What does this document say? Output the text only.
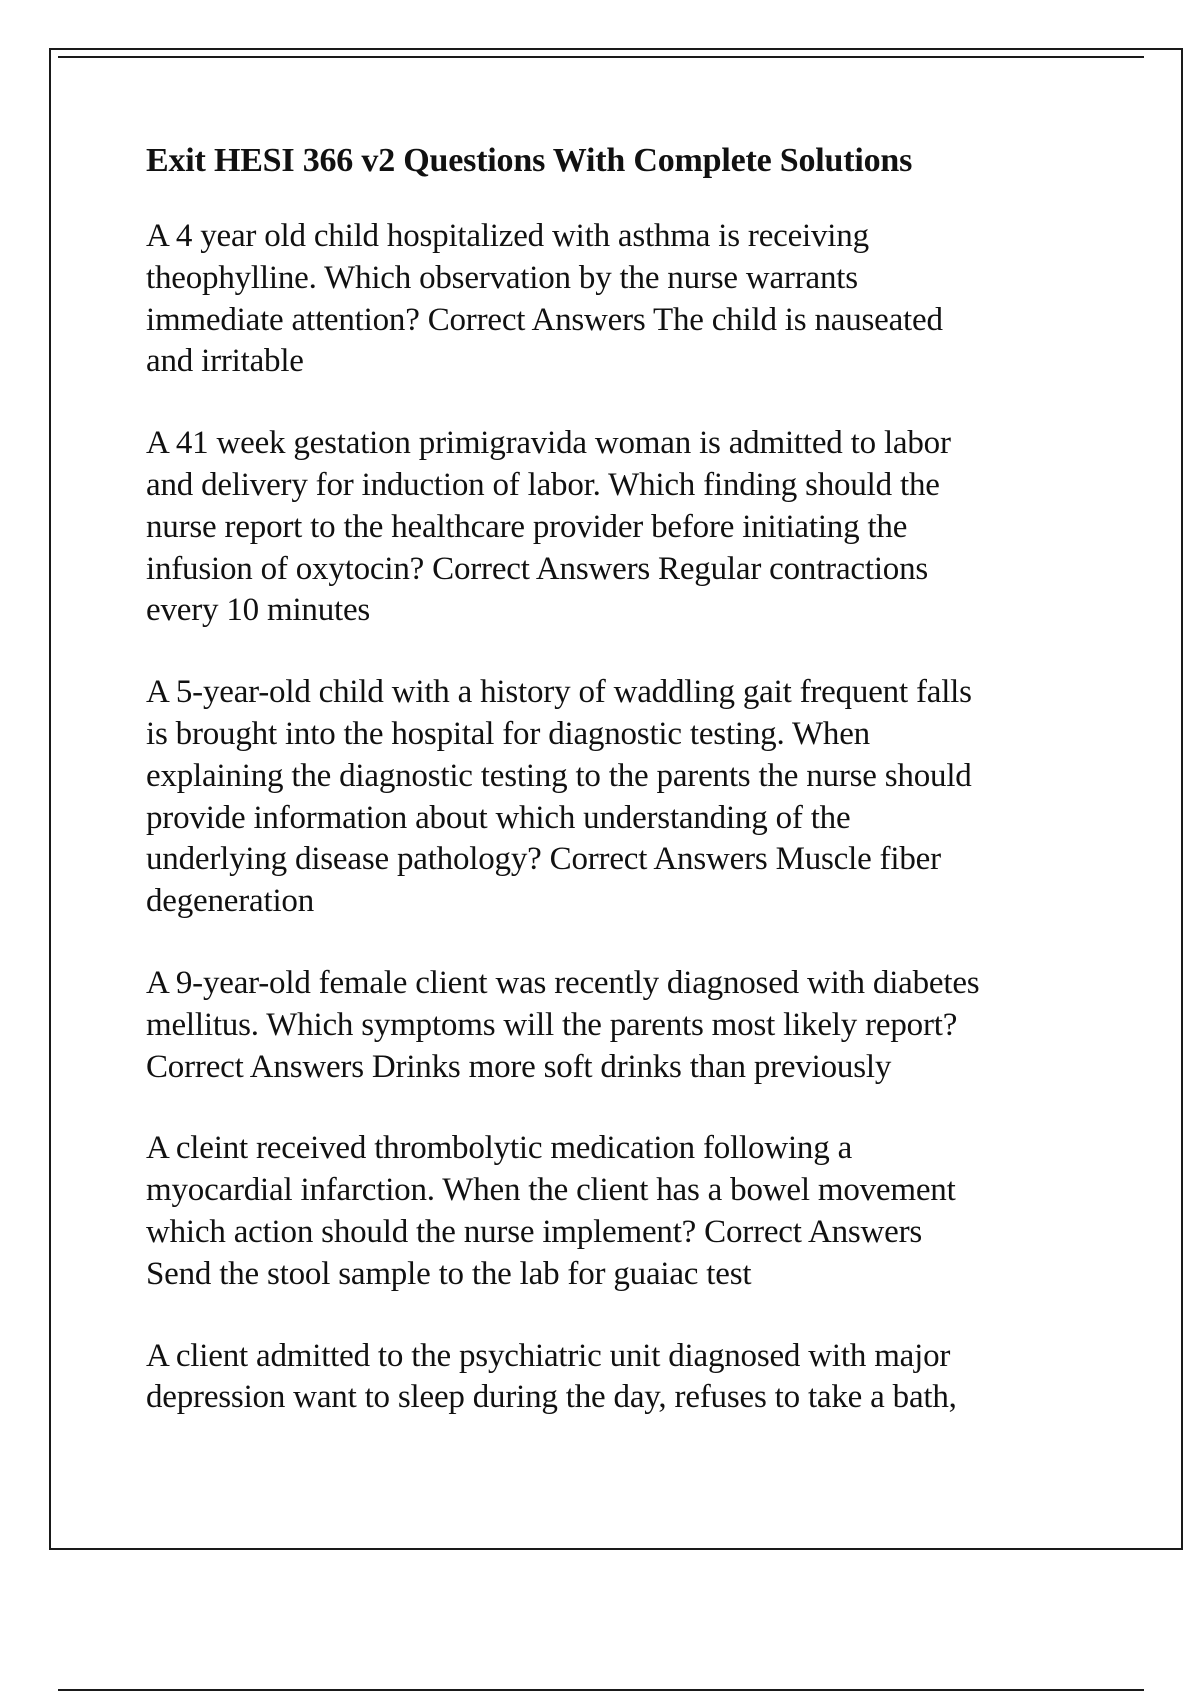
Exit HESI 366 v2 Questions With Complete Solutions

A 4 year old child hospitalized with asthma is receiving
theophylline. Which observation by the nurse warrants
immediate attention? Correct Answers The child is nauseated
and irritable

A 41 week gestation primigravida woman is admitted to labor
and delivery for induction of labor. Which finding should the
nurse report to the healthcare provider before initiating the
infusion of oxytocin? Correct Answers Regular contractions
every 10 minutes

A 5-year-old child with a history of waddling gait frequent falls
is brought into the hospital for diagnostic testing. When
explaining the diagnostic testing to the parents the nurse should
provide information about which understanding of the
underlying disease pathology? Correct Answers Muscle fiber
degeneration

A 9-year-old female client was recently diagnosed with diabetes
mellitus. Which symptoms will the parents most likely report?
Correct Answers Drinks more soft drinks than previously

A cleint received thrombolytic medication following a
myocardial infarction. When the client has a bowel movement
which action should the nurse implement? Correct Answers
Send the stool sample to the lab for guaiac test

A client admitted to the psychiatric unit diagnosed with major
depression want to sleep during the day, refuses to take a bath,
